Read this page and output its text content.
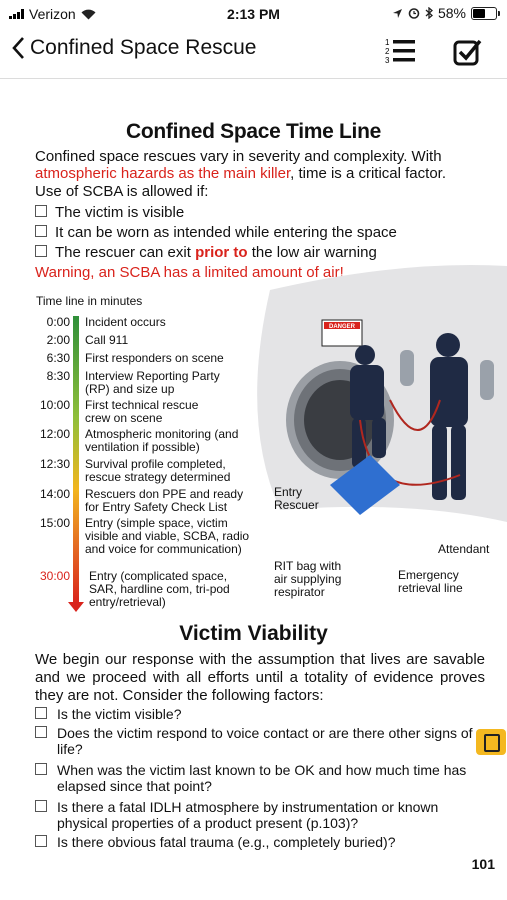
Verizon	2:13 PM	58%
Confined Space Rescue	1
2
3
Confined Space Time Line
Confined space rescues vary in severity and complexity. With
atmospheric hazards as the main killer, time is a critical factor.
Use of SCBA is allowed if:
The victim is visible
It can be worn as intended while entering the space
The rescuer can exit prior to the low air warning
Warning, an SCBA has a limited amount of air!
Time line in minutes
0:00 Incident occurs
2:00 Call 911
6:30 First responders on scene
8:30 Interview Reporting Party (RP) and size up
10:00 First technical rescue crew on scene
12:00 Atmospheric monitoring (and ventilation if possible)
12:30 Survival profile completed, rescue strategy determined
14:00 Rescuers don PPE and ready for Entry Safety Check List
15:00 Entry (simple space, victim visible and viable, SCBA, radio and voice for communication)
30:00 Entry (complicated space, SAR, hardline com, tri-pod entry/retrieval)
DANGER
Entry Rescuer
Attendant
RIT bag with air supplying respirator
Emergency retrieval line
Victim Viability
We begin our response with the assumption that lives are savable and we proceed with all efforts until a totality of evidence proves they are not. Consider the following factors:
Is the victim visible?
Does the victim respond to voice contact or are there other signs of life?
When was the victim last known to be OK and how much time has elapsed since that point?
Is there a fatal IDLH atmosphere by instrumentation or known physical properties of a product present (p.103)?
Is there obvious fatal trauma (e.g., completely buried)?
101
